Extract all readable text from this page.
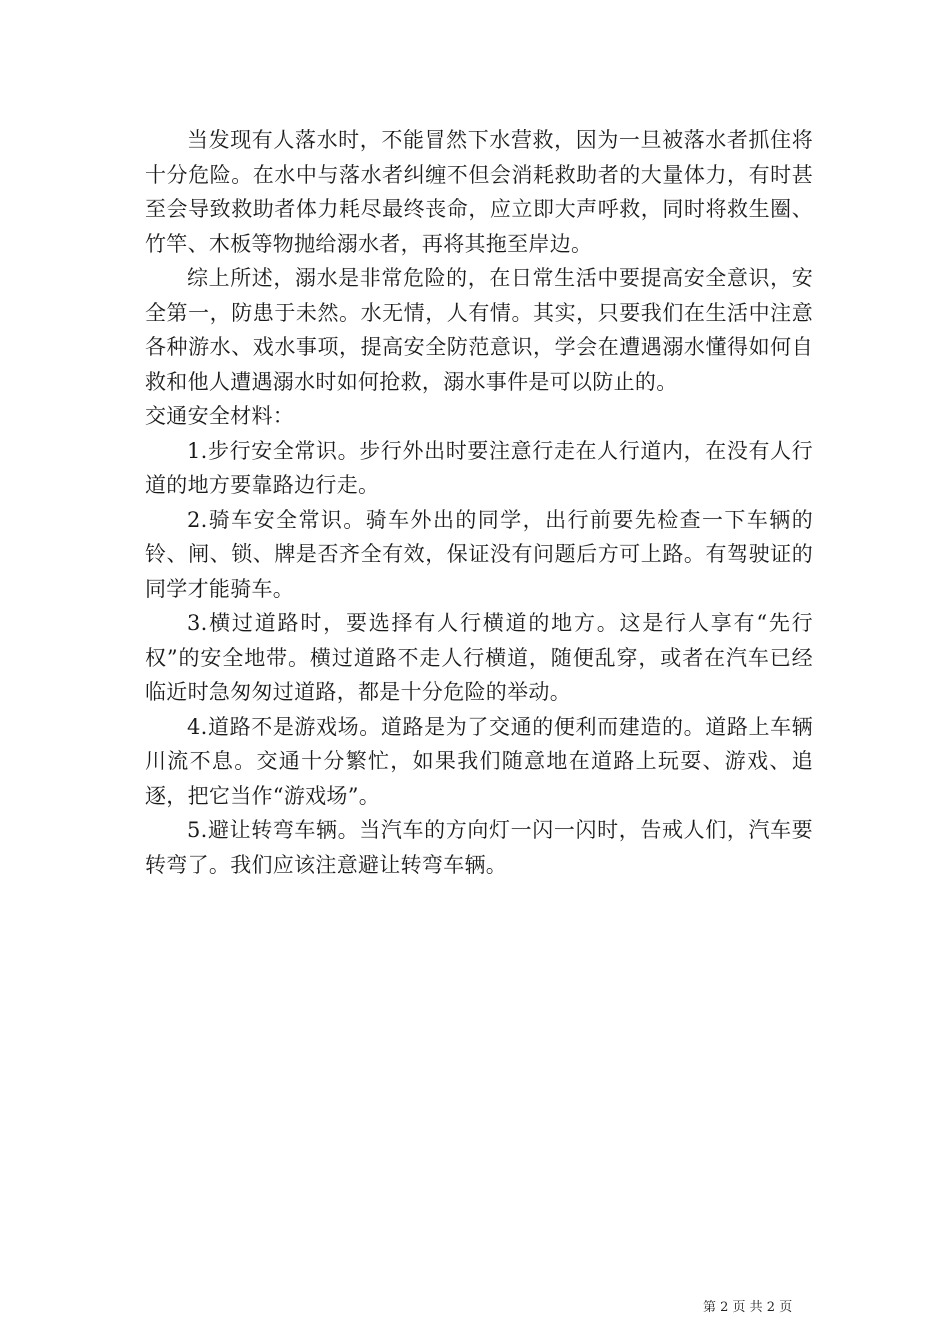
当发现有人落水时，不能冒然下水营救，因为一旦被落水者抓住将十分危险。在水中与落水者纠缠不但会消耗救助者的大量体力，有时甚至会导致救助者体力耗尽最终丧命，应立即大声呼救，同时将救生圈、竹竿、木板等物抛给溺水者，再将其拖至岸边。

综上所述，溺水是非常危险的，在日常生活中要提高安全意识，安全第一，防患于未然。水无情，人有情。其实，只要我们在生活中注意各种游水、戏水事项，提高安全防范意识，学会在遭遇溺水懂得如何自救和他人遭遇溺水时如何抢救，溺水事件是可以防止的。

交通安全材料：

1.步行安全常识。步行外出时要注意行走在人行道内，在没有人行道的地方要靠路边行走。

2.骑车安全常识。骑车外出的同学，出行前要先检查一下车辆的铃、闸、锁、牌是否齐全有效，保证没有问题后方可上路。有驾驶证的同学才能骑车。

3.横过道路时，要选择有人行横道的地方。这是行人享有“先行权”的安全地带。横过道路不走人行横道，随便乱穿，或者在汽车已经临近时急匆匆过道路，都是十分危险的举动。

4.道路不是游戏场。道路是为了交通的便利而建造的。道路上车辆川流不息。交通十分繁忙，如果我们随意地在道路上玩耍、游戏、追逐，把它当作“游戏场”。

5.避让转弯车辆。当汽车的方向灯一闪一闪时，告戒人们，汽车要转弯了。我们应该注意避让转弯车辆。

第 2 页 共 2 页
